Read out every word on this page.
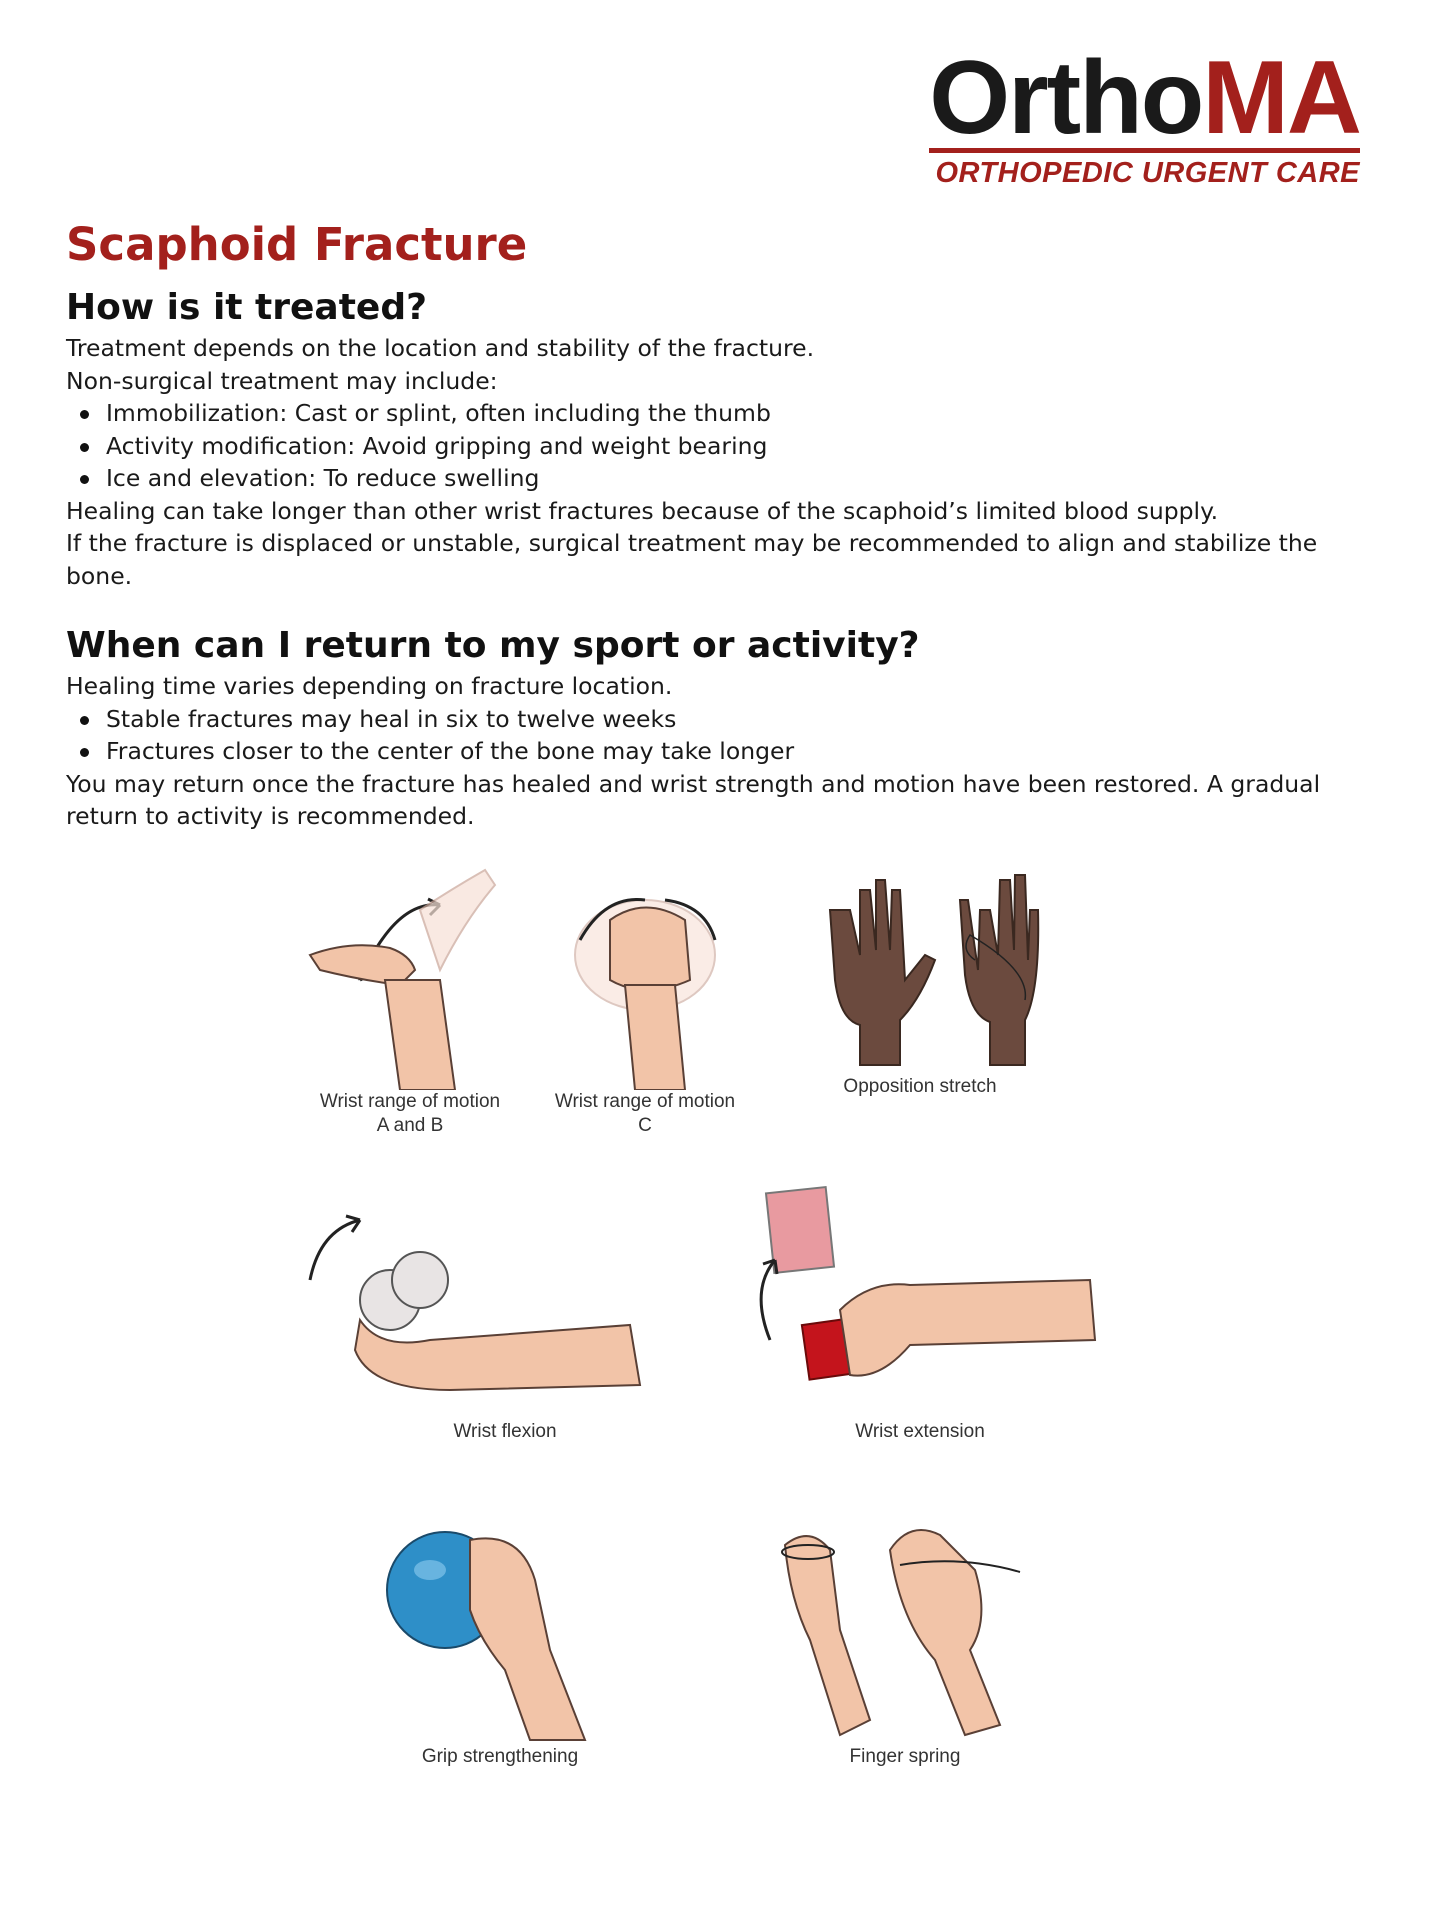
OrthoMA
ORTHOPEDIC URGENT CARE
Scaphoid Fracture
How is it treated?

Treatment depends on the location and stability of the fracture.

Non-surgical treatment may include:

Immobilization: Cast or splint, often including the thumb
Activity modification: Avoid gripping and weight bearing
Ice and elevation: To reduce swelling

Healing can take longer than other wrist fractures because of the scaphoid’s limited blood supply.

If the fracture is displaced or unstable, surgical treatment may be recommended to align and stabilize the bone.

When can I return to my sport or activity?

Healing time varies depending on fracture location.

Stable fractures may heal in six to twelve weeks
Fractures closer to the center of the bone may take longer

You may return once the fracture has healed and wrist strength and motion have been restored. A gradual return to activity is recommended.

Wrist range of motion
A and B
Wrist range of motion
C
Opposition stretch
Wrist flexion	Wrist extension
Grip strengthening	Finger spring
